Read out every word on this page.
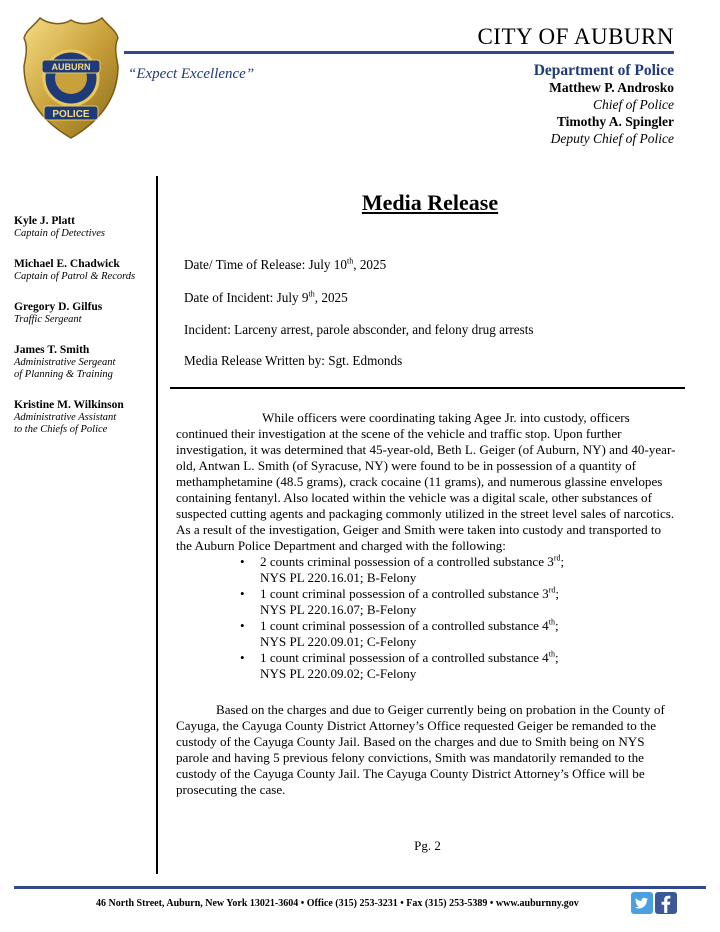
AUBURN
POLICE
CITY OF AUBURN
“Expect Excellence”	Department of Police
Matthew P. Androsko
Chief of Police
Timothy A. Spingler
Deputy Chief of Police
Kyle J. Platt
Captain of Detectives
Michael E. Chadwick
Captain of Patrol & Records
Gregory D. Gilfus
Traffic Sergeant
James T. Smith
Administrative Sergeant
of Planning & Training
Kristine M. Wilkinson
Administrative Assistant
to the Chiefs of Police
Media Release
Date/ Time of Release: July 10th, 2025
Date of Incident: July 9th, 2025
Incident: Larceny arrest, parole absconder, and felony drug arrests
Media Release Written by: Sgt. Edmonds

While officers were coordinating taking Agee Jr. into custody, officers continued their investigation at the scene of the vehicle and traffic stop. Upon further investigation, it was determined that 45-year-old, Beth L. Geiger (of Auburn, NY) and 40-year-old, Antwan L. Smith (of Syracuse, NY) were found to be in possession of a quantity of methamphetamine (48.5 grams), crack cocaine (11 grams), and numerous glassine envelopes containing fentanyl. Also located within the vehicle was a digital scale, other substances of suspected cutting agents and packaging commonly utilized in the street level sales of narcotics. As a result of the investigation, Geiger and Smith were taken into custody and transported to the Auburn Police Department and charged with the following:

• 2 counts criminal possession of a controlled substance 3rd; NYS PL 220.16.01; B-Felony
• 1 count criminal possession of a controlled substance 3rd; NYS PL 220.16.07; B-Felony
• 1 count criminal possession of a controlled substance 4th; NYS PL 220.09.01; C-Felony
• 1 count criminal possession of a controlled substance 4th; NYS PL 220.09.02; C-Felony

Based on the charges and due to Geiger currently being on probation in the County of Cayuga, the Cayuga County District Attorney’s Office requested Geiger be remanded to the custody of the Cayuga County Jail. Based on the charges and due to Smith being on NYS parole and having 5 previous felony convictions, Smith was mandatorily remanded to the custody of the Cayuga County Jail. The Cayuga County District Attorney’s Office will be prosecuting the case.

Pg. 2
46 North Street, Auburn, New York 13021-3604 • Office (315) 253-3231 • Fax (315) 253-5389 • www.auburnny.gov
